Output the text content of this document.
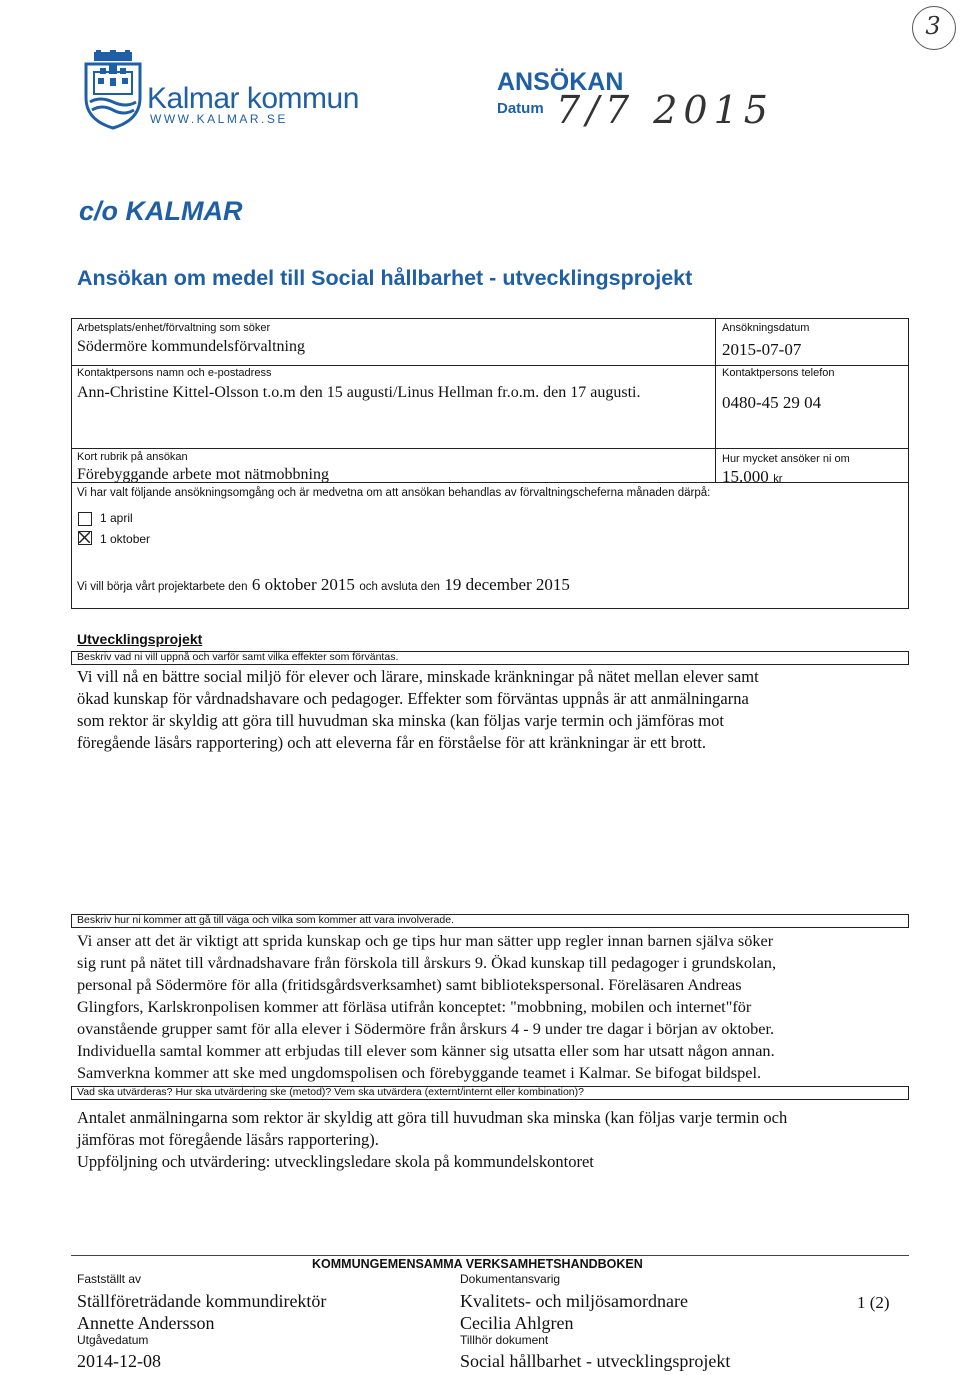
3
Kalmar kommun
WWW.KALMAR.SE
ANSÖKAN
Datum 7/7 2015
c/o KALMAR
Ansökan om medel till Social hållbarhet - utvecklingsprojekt
Arbetsplats/enhet/förvaltning som söker
Södermöre kommundelsförvaltning
Ansökningsdatum
2015-07-07
Kontaktpersons namn och e-postadress
Ann-Christine Kittel-Olsson t.o.m den 15 augusti/Linus Hellman fr.o.m. den 17 augusti.
Kontaktpersons telefon
0480-45 29 04
Kort rubrik på ansökan
Förebyggande arbete mot nätmobbning
Hur mycket ansöker ni om
15.000 kr
Vi har valt följande ansökningsomgång och är medvetna om att ansökan behandlas av förvaltningscheferna månaden därpå:
1 april
1 oktober
Vi vill börja vårt projektarbete den 6 oktober 2015 och avsluta den 19 december 2015
Utvecklingsprojekt
Beskriv vad ni vill uppnå och varför samt vilka effekter som förväntas.
Vi vill nå en bättre social miljö för elever och lärare, minskade kränkningar på nätet mellan elever samt
ökad kunskap för vårdnadshavare och pedagoger. Effekter som förväntas uppnås är att anmälningarna
som rektor är skyldig att göra till huvudman ska minska (kan följas varje termin och jämföras mot
föregående läsårs rapportering) och att eleverna får en förståelse för att kränkningar är ett brott.
Beskriv hur ni kommer att gå till väga och vilka som kommer att vara involverade.
Vi anser att det är viktigt att sprida kunskap och ge tips hur man sätter upp regler innan barnen själva söker
sig runt på nätet till vårdnadshavare från förskola till årskurs 9. Ökad kunskap till pedagoger i grundskolan,
personal på Södermöre för alla (fritidsgårdsverksamhet) samt bibliotekspersonal. Föreläsaren Andreas
Glingfors, Karlskronpolisen kommer att förläsa utifrån konceptet: "mobbning, mobilen och internet"för
ovanstående grupper samt för alla elever i Södermöre från årskurs 4 - 9 under tre dagar i början av oktober.
Individuella samtal kommer att erbjudas till elever som känner sig utsatta eller som har utsatt någon annan.
Samverkna kommer att ske med ungdomspolisen och förebyggande teamet i Kalmar. Se bifogat bildspel.
Vad ska utvärderas? Hur ska utvärdering ske (metod)? Vem ska utvärdera (externt/internt eller kombination)?
Antalet anmälningarna som rektor är skyldig att göra till huvudman ska minska (kan följas varje termin och
jämföras mot föregående läsårs rapportering).
Uppföljning och utvärdering: utvecklingsledare skola på kommundelskontoret
KOMMUNGEMENSAMMA VERKSAMHETSHANDBOKEN
Fastställt av
Ställföreträdande kommundirektör
Annette Andersson
Utgåvedatum
2014-12-08
Dokumentansvarig
Kvalitets- och miljösamordnare
Cecilia Ahlgren
Tillhör dokument
Social hållbarhet - utvecklingsprojekt
1 (2)
